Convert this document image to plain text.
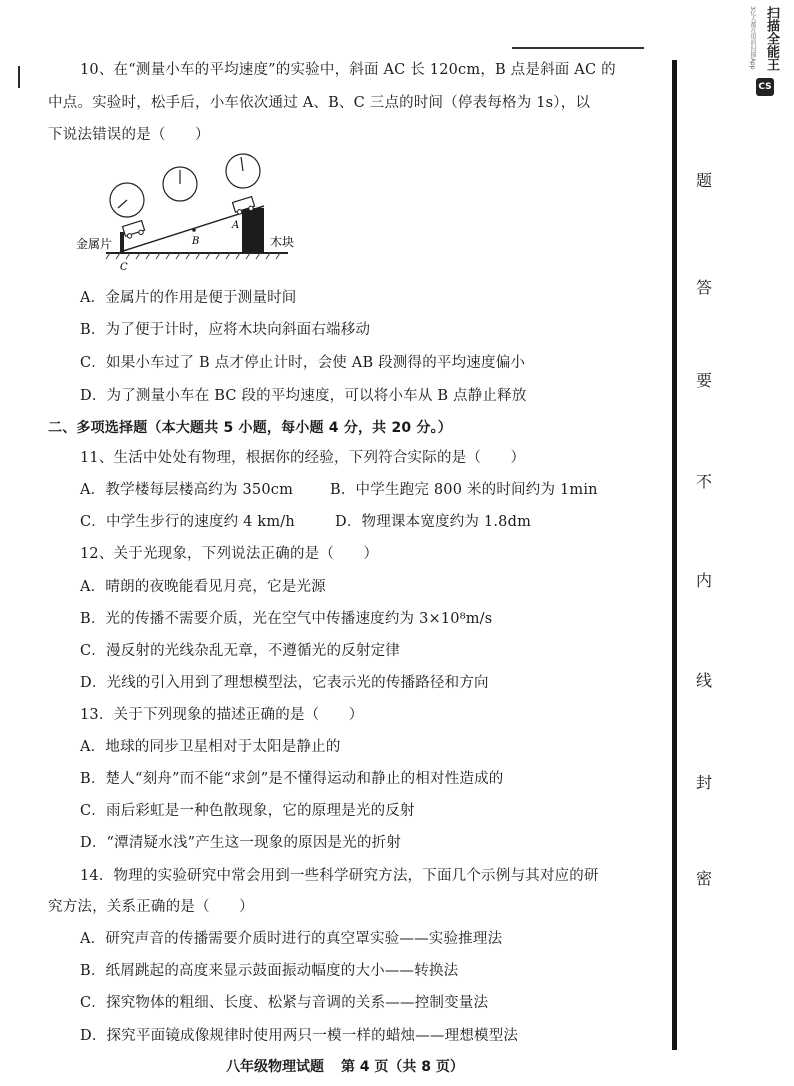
扫描全能王
3亿人都在用的扫描App
CS
10、在“测量小车的平均速度”的实验中，斜面 AC 长 120cm，B 点是斜面 AC 的
中点。实验时，松手后，小车依次通过 A、B、C 三点的时间（停表每格为 1s），以
下说法错误的是（　　）
金属片	木块
A
B
C
A．金属片的作用是便于测量时间
B．为了便于计时，应将木块向斜面右端移动
C．如果小车过了 B 点才停止计时，会使 AB 段测得的平均速度偏小
D．为了测量小车在 BC 段的平均速度，可以将小车从 B 点静止释放
二、多项选择题（本大题共 5 小题，每小题 4 分，共 20 分。）
11、生活中处处有物理，根据你的经验，下列符合实际的是（　　）
A．教学楼每层楼高约为 350cm	B．中学生跑完 800 米的时间约为 1min
C．中学生步行的速度约 4 km/h	D．物理课本宽度约为 1.8dm
12、关于光现象，下列说法正确的是（　　）
A．晴朗的夜晚能看见月亮，它是光源
B．光的传播不需要介质，光在空气中传播速度约为 3×10⁸m/s
C．漫反射的光线杂乱无章，不遵循光的反射定律
D．光线的引入用到了理想模型法，它表示光的传播路径和方向
13．关于下列现象的描述正确的是（　　）
A．地球的同步卫星相对于太阳是静止的
B．楚人“刻舟”而不能“求剑”是不懂得运动和静止的相对性造成的
C．雨后彩虹是一种色散现象，它的原理是光的反射
D．“潭清疑水浅”产生这一现象的原因是光的折射
14．物理的实验研究中常会用到一些科学研究方法，下面几个示例与其对应的研
究方法，关系正确的是（　　）
A．研究声音的传播需要介质时进行的真空罩实验——实验推理法
B．纸屑跳起的高度来显示鼓面振动幅度的大小——转换法
C．探究物体的粗细、长度、松紧与音调的关系——控制变量法
D．探究平面镜成像规律时使用两只一模一样的蜡烛——理想模型法
八年级物理试题 第 4 页（共 8 页）
题
答
要
不
内
线
封
密
